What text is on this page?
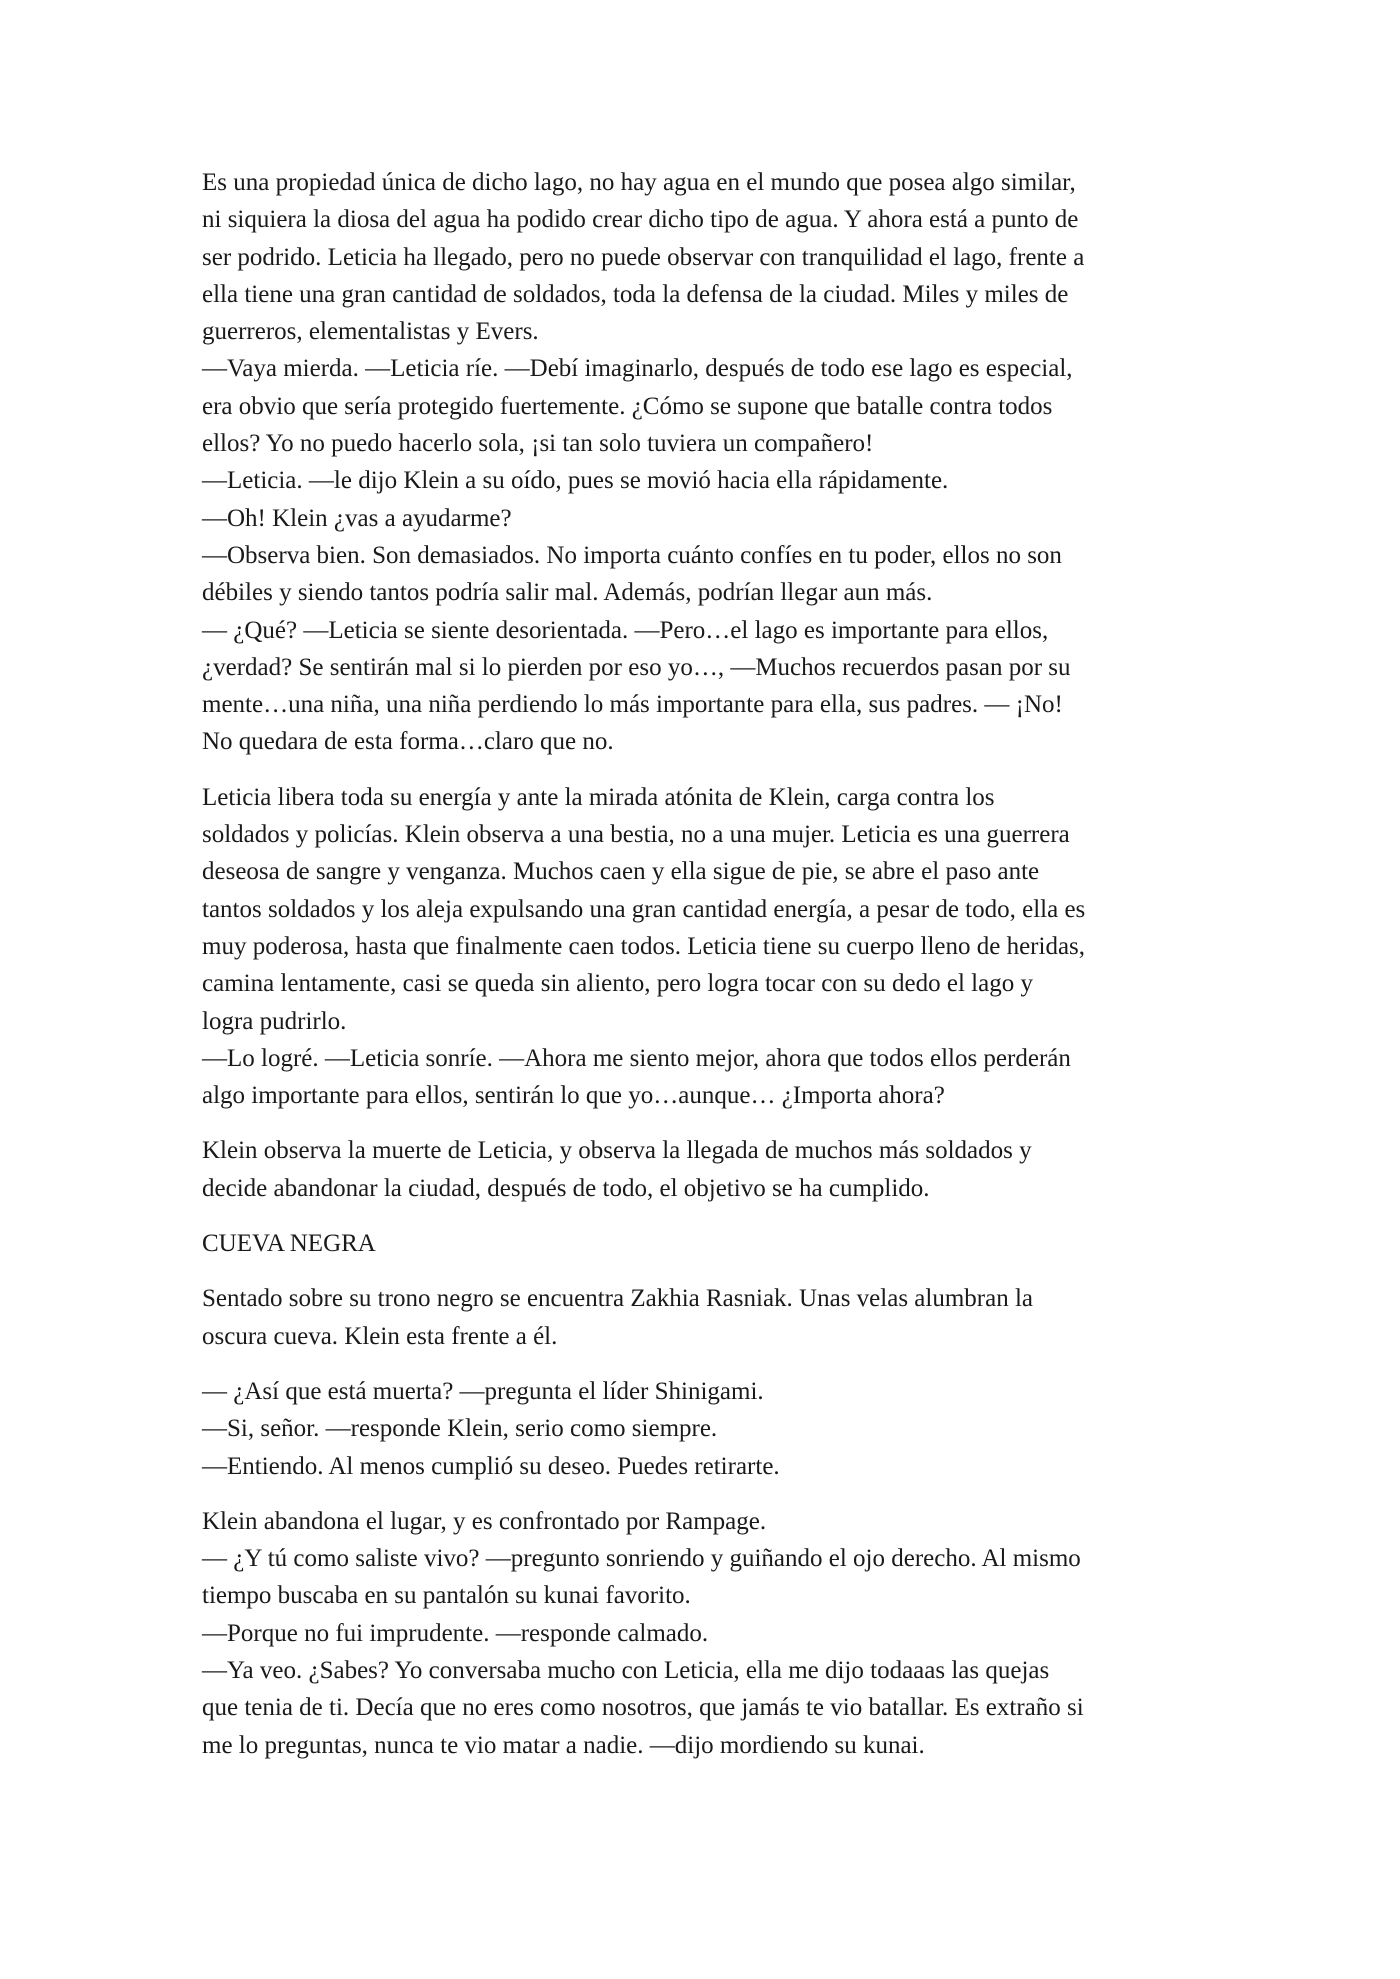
Es una propiedad única de dicho lago, no hay agua en el mundo que posea algo similar,
ni siquiera la diosa del agua ha podido crear dicho tipo de agua. Y ahora está a punto de
ser podrido. Leticia ha llegado, pero no puede observar con tranquilidad el lago, frente a
ella tiene una gran cantidad de soldados, toda la defensa de la ciudad. Miles y miles de
guerreros, elementalistas y Evers.
—Vaya mierda. —Leticia ríe. —Debí imaginarlo, después de todo ese lago es especial,
era obvio que sería protegido fuertemente. ¿Cómo se supone que batalle contra todos
ellos? Yo no puedo hacerlo sola, ¡si tan solo tuviera un compañero!
—Leticia. —le dijo Klein a su oído, pues se movió hacia ella rápidamente.
—Oh! Klein ¿vas a ayudarme?
—Observa bien. Son demasiados. No importa cuánto confíes en tu poder, ellos no son
débiles y siendo tantos podría salir mal. Además, podrían llegar aun más.
— ¿Qué? —Leticia se siente desorientada. —Pero…el lago es importante para ellos,
¿verdad? Se sentirán mal si lo pierden por eso yo…, —Muchos recuerdos pasan por su
mente…una niña, una niña perdiendo lo más importante para ella, sus padres. — ¡No!
No quedara de esta forma…claro que no.
Leticia libera toda su energía y ante la mirada atónita de Klein, carga contra los
soldados y policías. Klein observa a una bestia, no a una mujer. Leticia es una guerrera
deseosa de sangre y venganza. Muchos caen y ella sigue de pie, se abre el paso ante
tantos soldados y los aleja expulsando una gran cantidad energía, a pesar de todo, ella es
muy poderosa, hasta que finalmente caen todos. Leticia tiene su cuerpo lleno de heridas,
camina lentamente, casi se queda sin aliento, pero logra tocar con su dedo el lago y
logra pudrirlo.
—Lo logré. —Leticia sonríe. —Ahora me siento mejor, ahora que todos ellos perderán
algo importante para ellos, sentirán lo que yo…aunque… ¿Importa ahora?
Klein observa la muerte de Leticia, y observa la llegada de muchos más soldados y
decide abandonar la ciudad, después de todo, el objetivo se ha cumplido.
CUEVA NEGRA
Sentado sobre su trono negro se encuentra Zakhia Rasniak. Unas velas alumbran la
oscura cueva. Klein esta frente a él.
— ¿Así que está muerta? —pregunta el líder Shinigami.
—Si, señor. —responde Klein, serio como siempre.
—Entiendo. Al menos cumplió su deseo. Puedes retirarte.
Klein abandona el lugar, y es confrontado por Rampage.
— ¿Y tú como saliste vivo? —pregunto sonriendo y guiñando el ojo derecho. Al mismo
tiempo buscaba en su pantalón su kunai favorito.
—Porque no fui imprudente. —responde calmado.
—Ya veo. ¿Sabes? Yo conversaba mucho con Leticia, ella me dijo todaaas las quejas
que tenia de ti. Decía que no eres como nosotros, que jamás te vio batallar. Es extraño si
me lo preguntas, nunca te vio matar a nadie. —dijo mordiendo su kunai.
